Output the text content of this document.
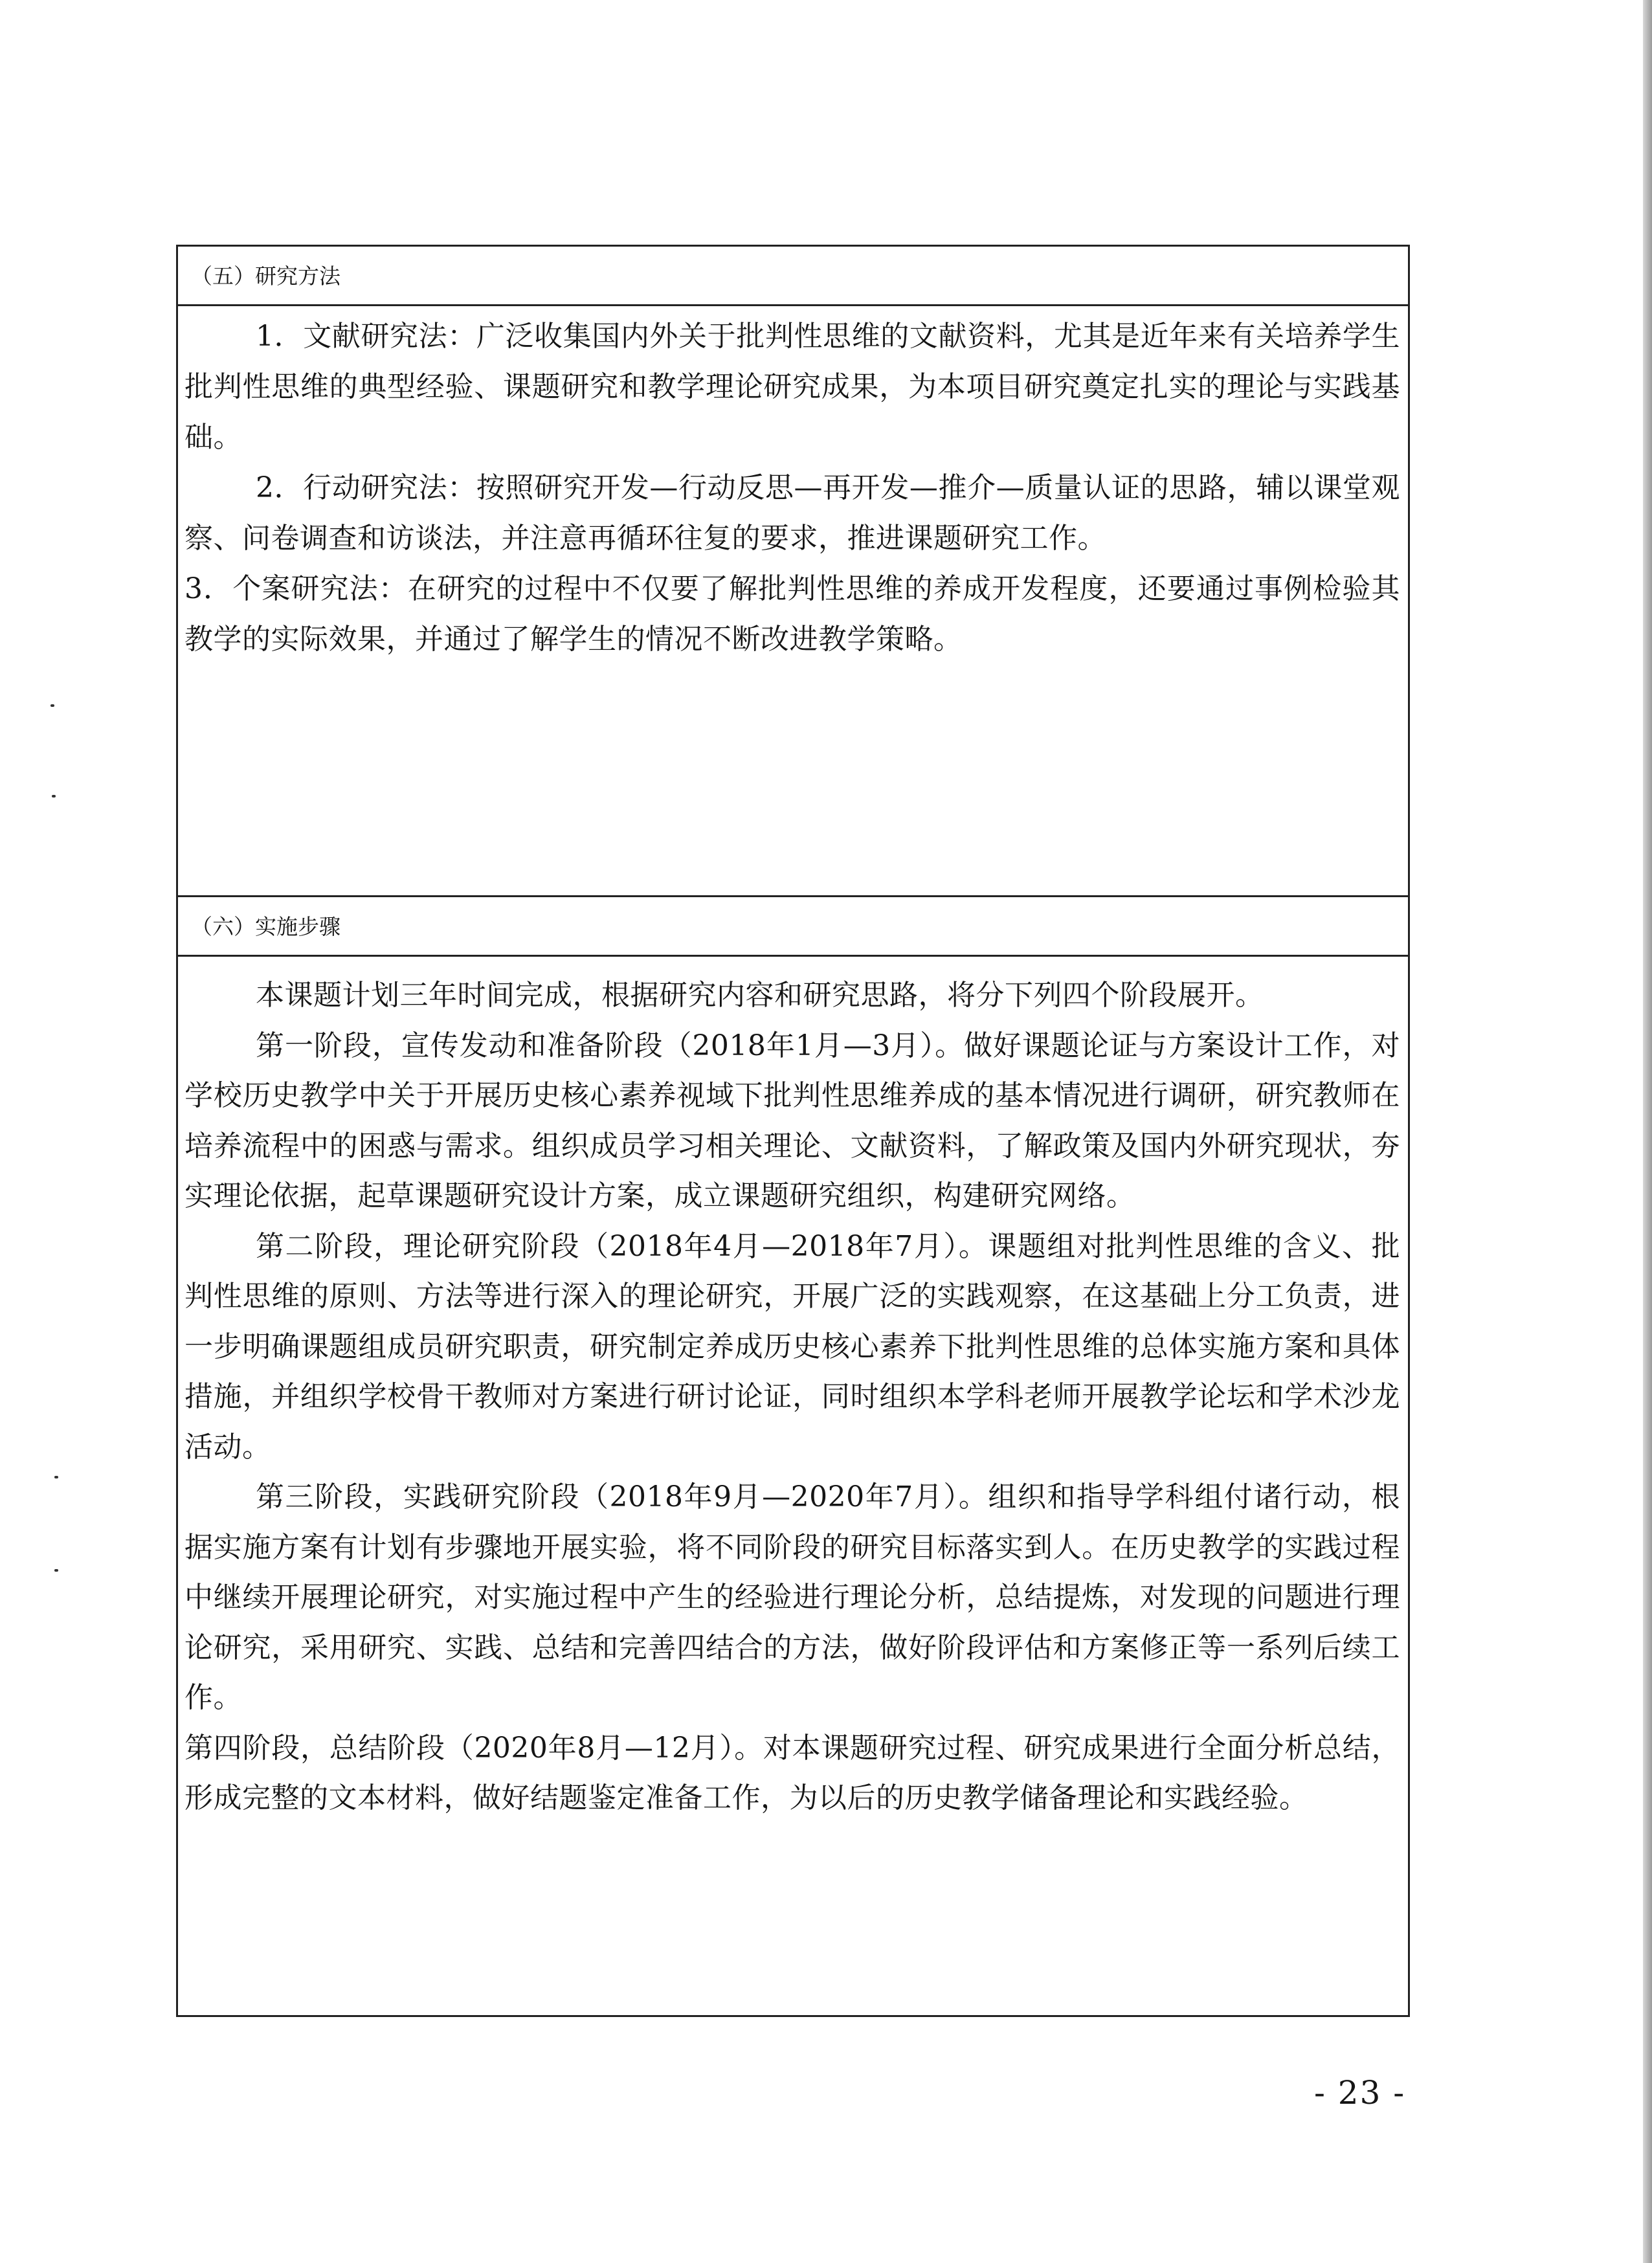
（五）研究方法

1．文献研究法：广泛收集国内外关于批判性思维的文献资料，尤其是近年来有关培养学生批判性思维的典型经验、课题研究和教学理论研究成果，为本项目研究奠定扎实的理论与实践基础。

2．行动研究法：按照研究开发—行动反思—再开发—推介—质量认证的思路，辅以课堂观察、问卷调查和访谈法，并注意再循环往复的要求，推进课题研究工作。

3．个案研究法：在研究的过程中不仅要了解批判性思维的养成开发程度，还要通过事例检验其教学的实际效果，并通过了解学生的情况不断改进教学策略。

（六）实施步骤

本课题计划三年时间完成，根据研究内容和研究思路，将分下列四个阶段展开。

第一阶段，宣传发动和准备阶段（2018年1月—3月）。做好课题论证与方案设计工作，对学校历史教学中关于开展历史核心素养视域下批判性思维养成的基本情况进行调研，研究教师在培养流程中的困惑与需求。组织成员学习相关理论、文献资料，了解政策及国内外研究现状，夯实理论依据，起草课题研究设计方案，成立课题研究组织，构建研究网络。

第二阶段，理论研究阶段（2018年4月—2018年7月）。课题组对批判性思维的含义、批判性思维的原则、方法等进行深入的理论研究，开展广泛的实践观察，在这基础上分工负责，进一步明确课题组成员研究职责，研究制定养成历史核心素养下批判性思维的总体实施方案和具体措施，并组织学校骨干教师对方案进行研讨论证，同时组织本学科老师开展教学论坛和学术沙龙活动。

第三阶段，实践研究阶段（2018年9月—2020年7月）。组织和指导学科组付诸行动，根据实施方案有计划有步骤地开展实验，将不同阶段的研究目标落实到人。在历史教学的实践过程中继续开展理论研究，对实施过程中产生的经验进行理论分析，总结提炼，对发现的问题进行理论研究，采用研究、实践、总结和完善四结合的方法，做好阶段评估和方案修正等一系列后续工作。

第四阶段，总结阶段（2020年8月—12月）。对本课题研究过程、研究成果进行全面分析总结，形成完整的文本材料，做好结题鉴定准备工作，为以后的历史教学储备理论和实践经验。

- 23 -
